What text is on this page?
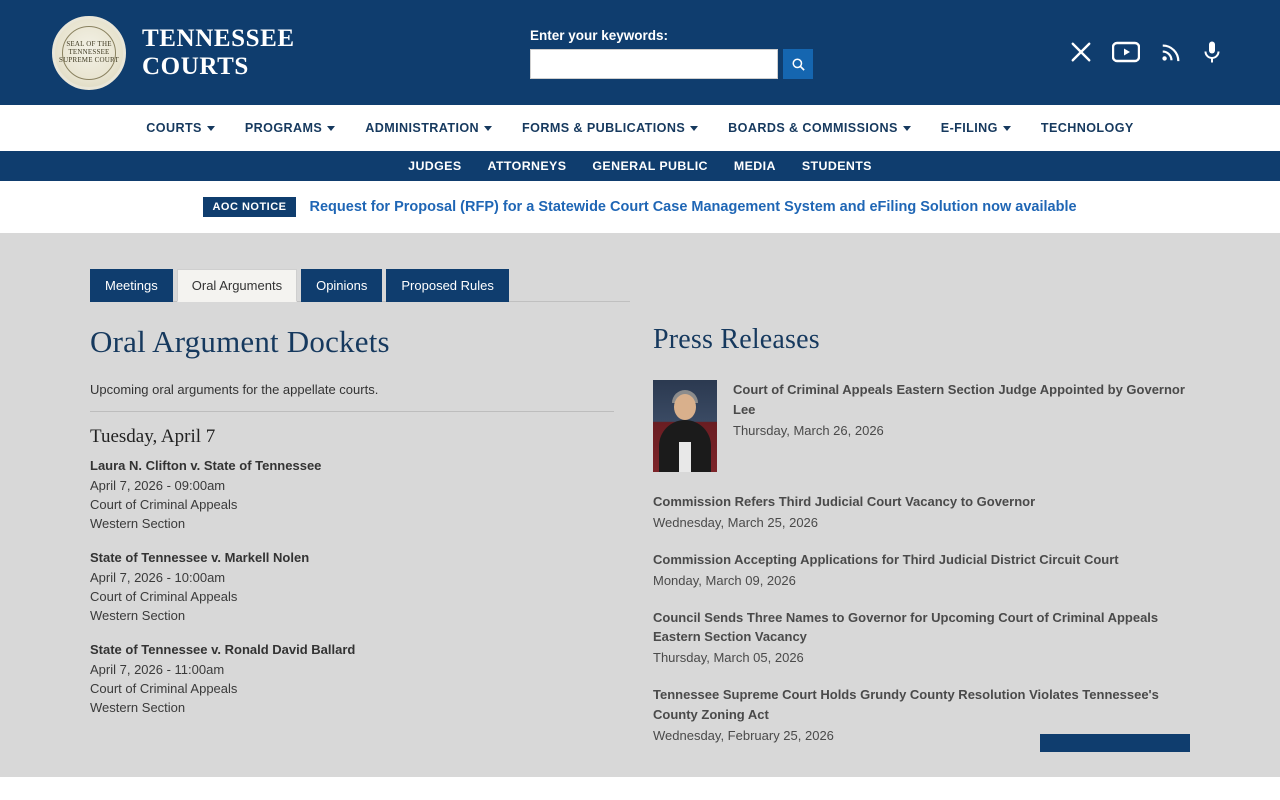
SEAL OF THE TENNESSEE SUPREME COURT
TENNESSEE
COURTS
Enter your keywords:
COURTS	PROGRAMS	ADMINISTRATION	FORMS & PUBLICATIONS	BOARDS & COMMISSIONS	E-FILING	TECHNOLOGY
JUDGES	ATTORNEYS	GENERAL PUBLIC	MEDIA	STUDENTS
AOC NOTICE	Request for Proposal (RFP) for a Statewide Court Case Management System and eFiling Solution now available
Meetings	Oral Arguments	Opinions	Proposed Rules
Oral Argument Dockets
Upcoming oral arguments for the appellate courts.
Tuesday, April 7
Laura N. Clifton v. State of Tennessee
April 7, 2026 - 09:00am
Court of Criminal Appeals
Western Section
State of Tennessee v. Markell Nolen
April 7, 2026 - 10:00am
Court of Criminal Appeals
Western Section
State of Tennessee v. Ronald David Ballard
April 7, 2026 - 11:00am
Court of Criminal Appeals
Western Section
Press Releases
Court of Criminal Appeals Eastern Section Judge Appointed by Governor Lee
Thursday, March 26, 2026
Commission Refers Third Judicial Court Vacancy to Governor
Wednesday, March 25, 2026
Commission Accepting Applications for Third Judicial District Circuit Court
Monday, March 09, 2026
Council Sends Three Names to Governor for Upcoming Court of Criminal Appeals Eastern Section Vacancy
Thursday, March 05, 2026
Tennessee Supreme Court Holds Grundy County Resolution Violates Tennessee's County Zoning Act
Wednesday, February 25, 2026
